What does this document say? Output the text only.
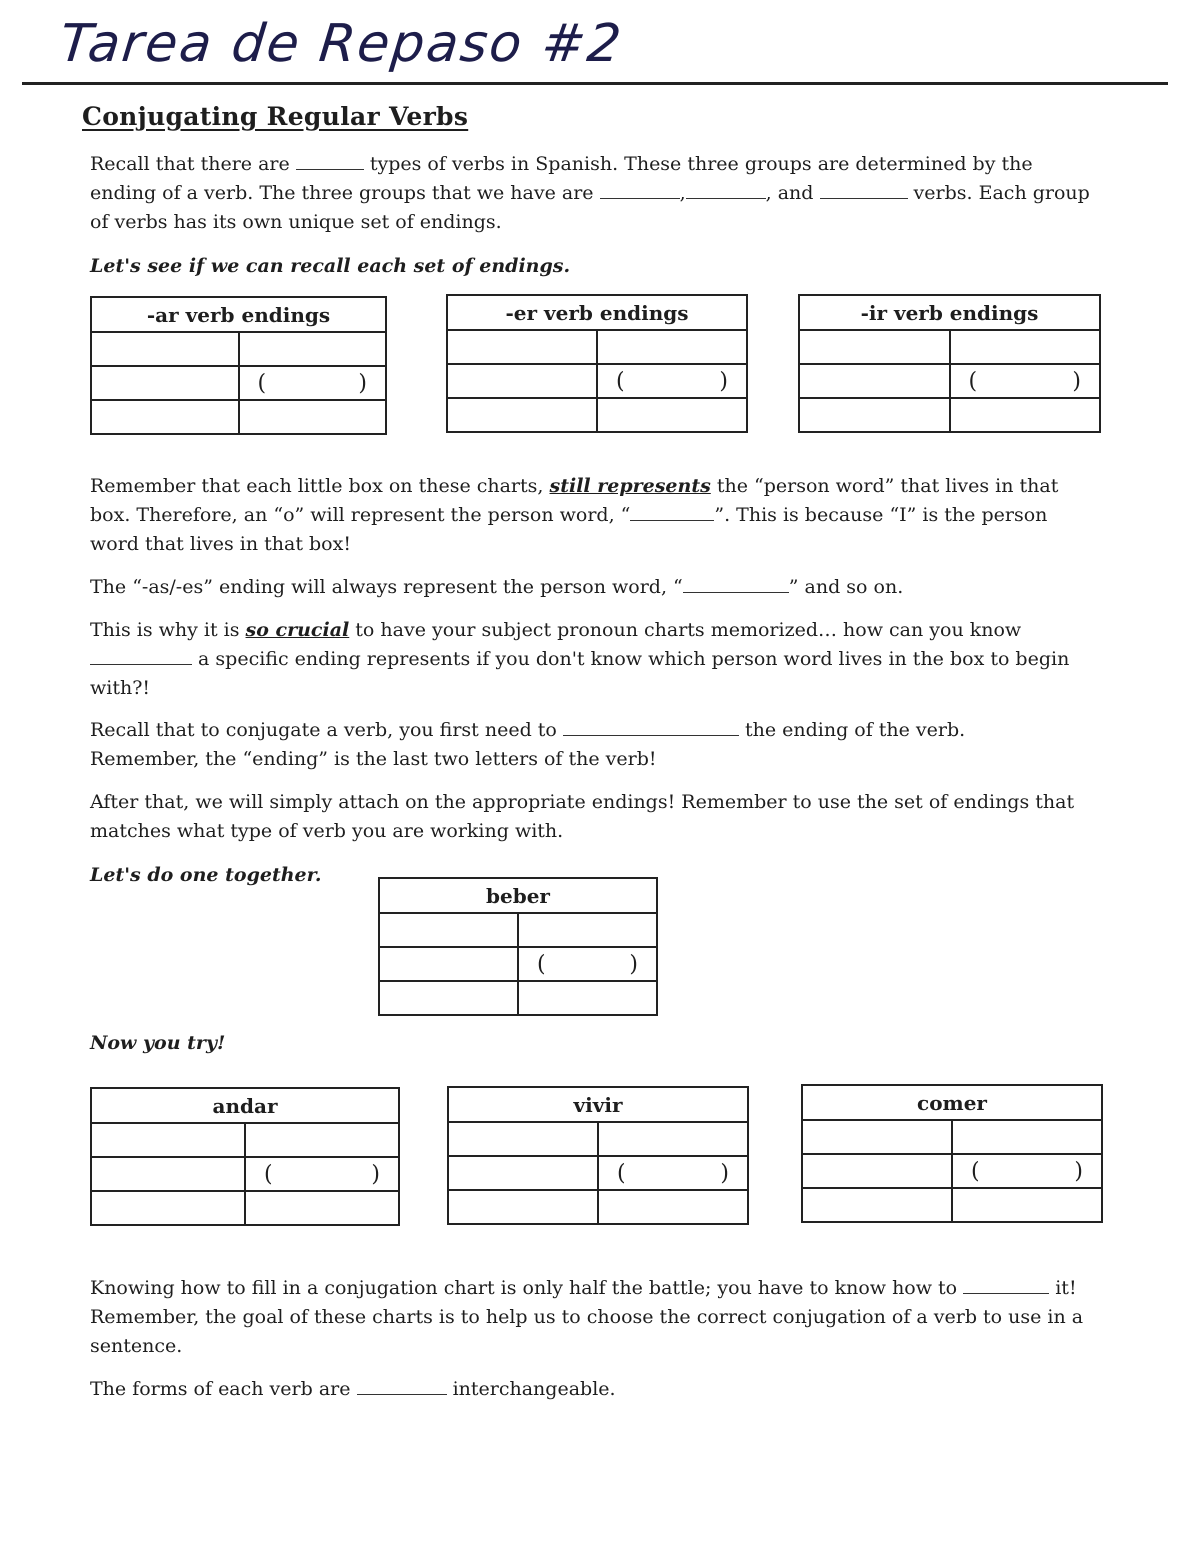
Tarea de Repaso #2
Conjugating Regular Verbs
Recall that there are	types of verbs in Spanish. These three groups are determined by the ending of a verb. The three groups that we have are	,	, and	verbs. Each group of verbs has its own unique set of endings.
Let's see if we can recall each set of endings.
-ar verb endings	

	( )

-er verb endings	

	( )

-ir verb endings	

	( )

Remember that each little box on these charts, still represents the “person word” that lives in that box. Therefore, an “o” will represent the person word, “	”. This is because “I” is the person word that lives in that box!
The “-as/-es” ending will always represent the person word, “	” and so on.
This is why it is so crucial to have your subject pronoun charts memorized… how can you know  a specific ending represents if you don't know which person word lives in the box to begin with?!
Recall that to conjugate a verb, you first need to	the ending of the verb.
Remember, the “ending” is the last two letters of the verb!
After that, we will simply attach on the appropriate endings! Remember to use the set of endings that matches what type of verb you are working with.
Let's do one together.
beber	

	( )

Now you try!
andar	

	( )

vivir	

	( )

comer	

	( )

Knowing how to fill in a conjugation chart is only half the battle; you have to know how to	it! Remember, the goal of these charts is to help us to choose the correct conjugation of a verb to use in a sentence.
The forms of each verb are	interchangeable.
